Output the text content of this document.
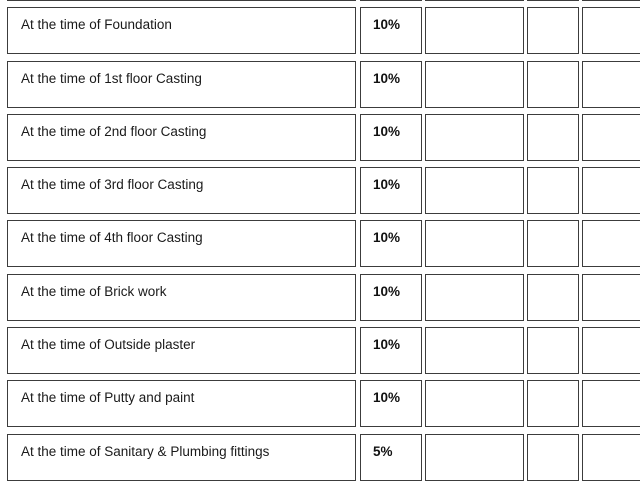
At the time of Foundation	10%
At the time of 1st floor Casting	10%
At the time of 2nd floor Casting	10%
At the time of 3rd floor Casting	10%
At the time of 4th floor Casting	10%
At the time of Brick work	10%
At the time of Outside plaster	10%
At the time of Putty and paint	10%
At the time of Sanitary & Plumbing fittings	5%
